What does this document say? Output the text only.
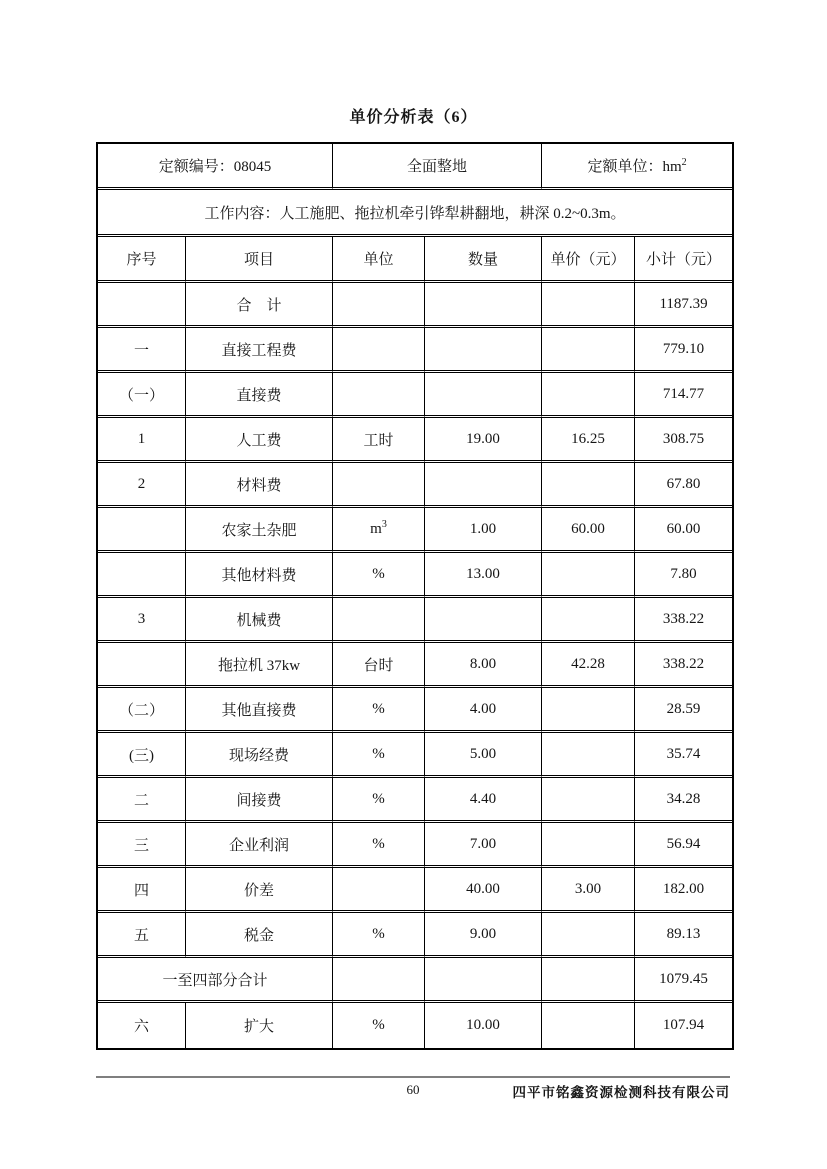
单价分析表（6）
定额编号：08045		全面整地		定额单位：$hm^2$
工作内容：人工施肥、拖拉机牵引铧犁耕翻地，耕深 0.2~0.3m。					
序号	项目	单位	数量	单价（元）	小计（元）
	合　计				1187.39
一	直接工程费				779.10
（一）	直接费				714.77
1	人工费	工时	19.00	16.25	308.75
2	材料费				67.80
	农家土杂肥	$m^3$	1.00	60.00	60.00
	其他材料费	%	13.00		7.80
3	机械费				338.22
	拖拉机 37kw	台时	8.00	42.28	338.22
（二）	其他直接费	%	4.00		28.59
(三)	现场经费	%	5.00		35.74
二	间接费	%	4.40		34.28
三	企业利润	%	7.00		56.94
四	价差		40.00	3.00	182.00
五	税金	%	9.00		89.13
一至四部分合计					1079.45
六	扩大	%	10.00		107.94
60	四平市铭鑫资源检测科技有限公司
